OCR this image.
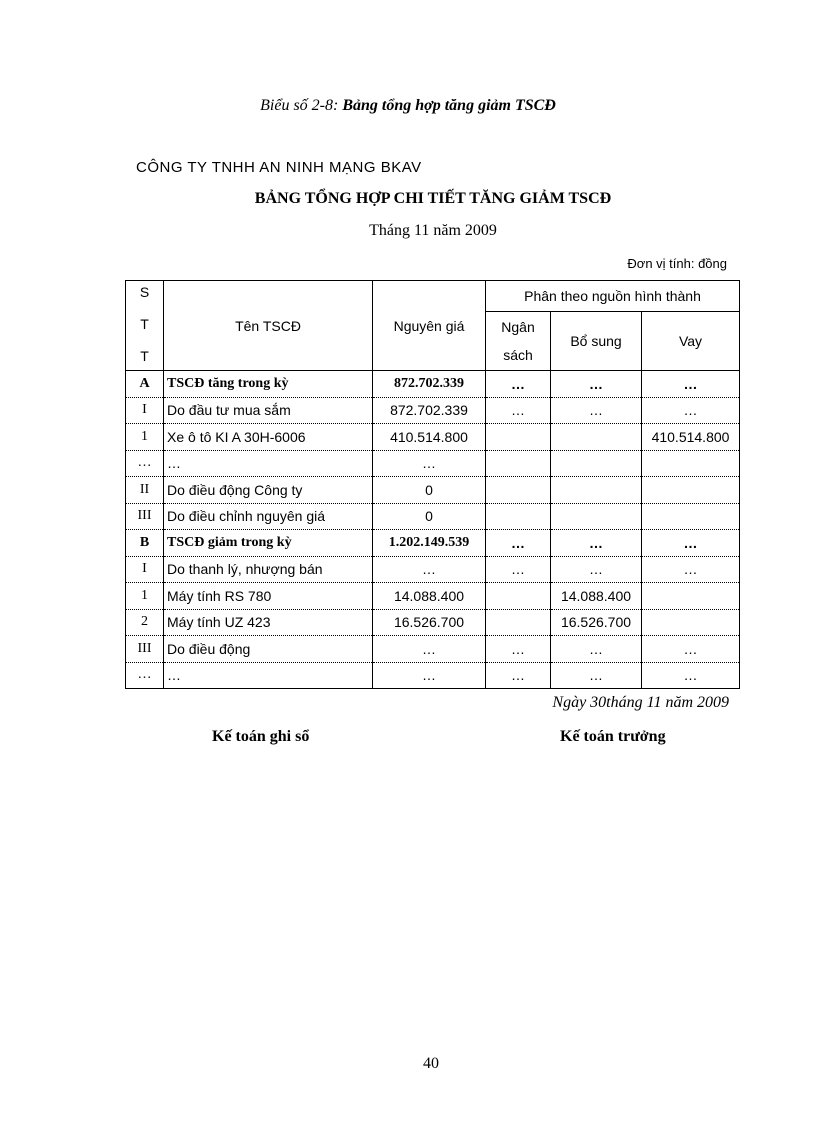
Biểu số 2-8: Bảng tổng hợp tăng giảm TSCĐ
CÔNG TY TNHH AN NINH MẠNG BKAV
BẢNG TỔNG HỢP CHI TIẾT TĂNG GIẢM TSCĐ
Tháng 11 năm 2009
Đơn vị tính: đồng
S
T
T	Tên TSCĐ	Nguyên giá	Phân theo nguồn hình thành		
			Ngân sách	Bổ sung	Vay
A	TSCĐ tăng trong kỳ	872.702.339	…	…	…
I	Do đầu tư mua sắm	872.702.339	…	…	…
1	Xe ô tô KI A 30H-6006	410.514.800			410.514.800
…	…	…			
II	Do điều động Công ty	0			
III	Do điều chỉnh nguyên giá	0			
B	TSCĐ giảm trong kỳ	1.202.149.539	…	…	…
I	Do thanh lý, nhượng bán	…	…	…	…
1	Máy tính RS 780	14.088.400		14.088.400	
2	Máy tính UZ 423	16.526.700		16.526.700	
III	Do điều động	…	…	…	…
…	…	…	…	…	…
Ngày 30tháng 11 năm 2009
Kế toán ghi sổ	Kế toán trưởng
40
